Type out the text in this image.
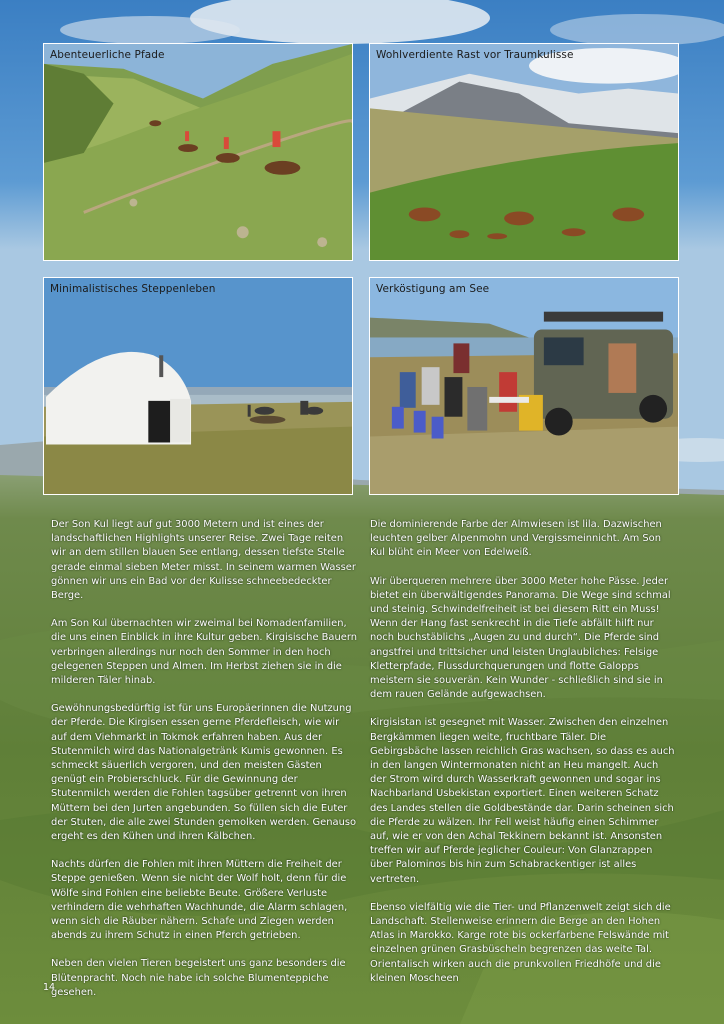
Abenteuerliche Pfade	Wohlverdiente Rast vor Traumkulisse
Minimalistisches Steppenleben	Verköstigung am See

Der Son Kul liegt auf gut 3000 Metern und ist eines der landschaftlichen Highlights unserer Reise. Zwei Tage reiten wir an dem stillen blauen See entlang, dessen tiefste Stelle gerade einmal sieben Meter misst. In seinem warmen Wasser gönnen wir uns ein Bad vor der Kulisse schneebedeckter Berge.

Am Son Kul übernachten wir zweimal bei Nomadenfamilien, die uns einen Einblick in ihre Kultur geben. Kirgisische Bauern verbringen allerdings nur noch den Sommer in den hoch gelegenen Steppen und Almen. Im Herbst ziehen sie in die milderen Täler hinab.

Gewöhnungsbedürftig ist für uns Europäerinnen die Nutzung der Pferde. Die Kirgisen essen gerne Pferdefleisch, wie wir auf dem Viehmarkt in Tokmok erfahren haben. Aus der Stutenmilch wird das Nationalgetränk Kumis gewonnen. Es schmeckt säuerlich vergoren, und den meisten Gästen genügt ein Probierschluck. Für die Gewinnung der Stutenmilch werden die Fohlen tagsüber getrennt von ihren Müttern bei den Jurten angebunden. So füllen sich die Euter der Stuten, die alle zwei Stunden gemolken werden. Genauso ergeht es den Kühen und ihren Kälbchen.

Nachts dürfen die Fohlen mit ihren Müttern die Freiheit der Steppe genießen. Wenn sie nicht der Wolf holt, denn für die Wölfe sind Fohlen eine beliebte Beute. Größere Verluste verhindern die wehrhaften Wachhunde, die Alarm schlagen, wenn sich die Räuber nähern. Schafe und Ziegen werden abends zu ihrem Schutz in einen Pferch getrieben.

Neben den vielen Tieren begeistert uns ganz besonders die Blütenpracht. Noch nie habe ich solche Blumenteppiche gesehen.

Die dominierende Farbe der Almwiesen ist lila. Dazwischen leuchten gelber Alpenmohn und Vergissmeinnicht. Am Son Kul blüht ein Meer von Edelweiß.

Wir überqueren mehrere über 3000 Meter hohe Pässe. Jeder bietet ein überwältigendes Panorama. Die Wege sind schmal und steinig. Schwindelfreiheit ist bei diesem Ritt ein Muss! Wenn der Hang fast senkrecht in die Tiefe abfällt hilft nur noch buchstäblichs „Augen zu und durch“. Die Pferde sind angstfrei und trittsicher und leisten Unglaubliches: Felsige Kletterpfade, Flussdurchquerungen und flotte Galopps meistern sie souverän. Kein Wunder - schließlich sind sie in dem rauen Gelände aufgewachsen.

Kirgisistan ist gesegnet mit Wasser. Zwischen den einzelnen Bergkämmen liegen weite, fruchtbare Täler. Die Gebirgsbäche lassen reichlich Gras wachsen, so dass es auch in den langen Wintermonaten nicht an Heu mangelt. Auch der Strom wird durch Wasserkraft gewonnen und sogar ins Nachbarland Usbekistan exportiert. Einen weiteren Schatz des Landes stellen die Goldbestände dar. Darin scheinen sich die Pferde zu wälzen. Ihr Fell weist häufig einen Schimmer auf, wie er von den Achal Tekkinern bekannt ist. Ansonsten treffen wir auf Pferde jeglicher Couleur: Von Glanzrappen über Palominos bis hin zum Schabrackentiger ist alles vertreten.

Ebenso vielfältig wie die Tier- und Pflanzenwelt zeigt sich die Landschaft. Stellenweise erinnern die Berge an den Hohen Atlas in Marokko. Karge rote bis ockerfarbene Felswände mit einzelnen grünen Grasbüscheln begrenzen das weite Tal. Orientalisch wirken auch die prunkvollen Friedhöfe und die kleinen Moscheen

14
